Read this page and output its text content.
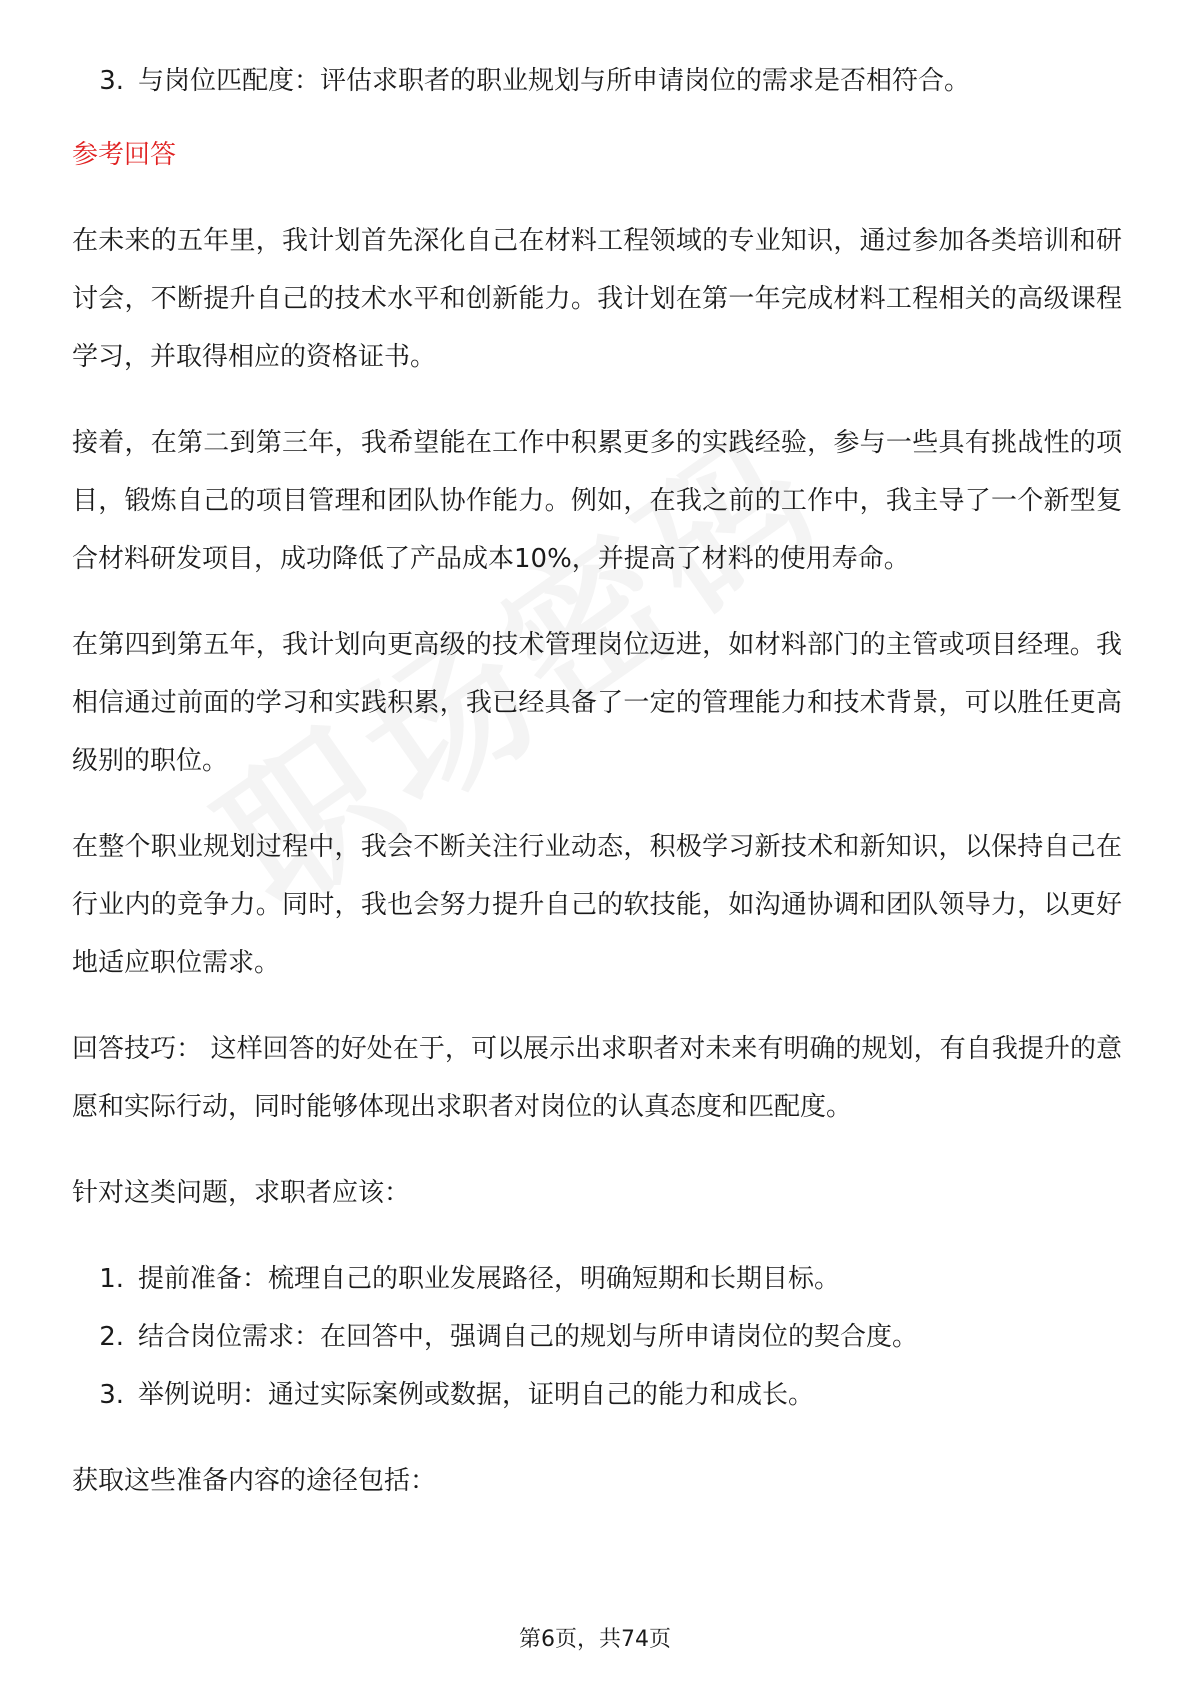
3. 与岗位匹配度：评估求职者的职业规划与所申请岗位的需求是否相符合。
参考回答

在未来的五年里，我计划首先深化自己在材料工程领域的专业知识，通过参加各类培训和研讨会，不断提升自己的技术水平和创新能力。我计划在第一年完成材料工程相关的高级课程学习，并取得相应的资格证书。

接着，在第二到第三年，我希望能在工作中积累更多的实践经验，参与一些具有挑战性的项目，锻炼自己的项目管理和团队协作能力。例如，在我之前的工作中，我主导了一个新型复合材料研发项目，成功降低了产品成本10%，并提高了材料的使用寿命。

在第四到第五年，我计划向更高级的技术管理岗位迈进，如材料部门的主管或项目经理。我相信通过前面的学习和实践积累，我已经具备了一定的管理能力和技术背景，可以胜任更高级别的职位。

在整个职业规划过程中，我会不断关注行业动态，积极学习新技术和新知识，以保持自己在行业内的竞争力。同时，我也会努力提升自己的软技能，如沟通协调和团队领导力，以更好地适应职位需求。

回答技巧： 这样回答的好处在于，可以展示出求职者对未来有明确的规划，有自我提升的意愿和实际行动，同时能够体现出求职者对岗位的认真态度和匹配度。

针对这类问题，求职者应该：

1. 提前准备：梳理自己的职业发展路径，明确短期和长期目标。
2. 结合岗位需求：在回答中，强调自己的规划与所申请岗位的契合度。
3. 举例说明：通过实际案例或数据，证明自己的能力和成长。

获取这些准备内容的途径包括：

第6页，共74页
